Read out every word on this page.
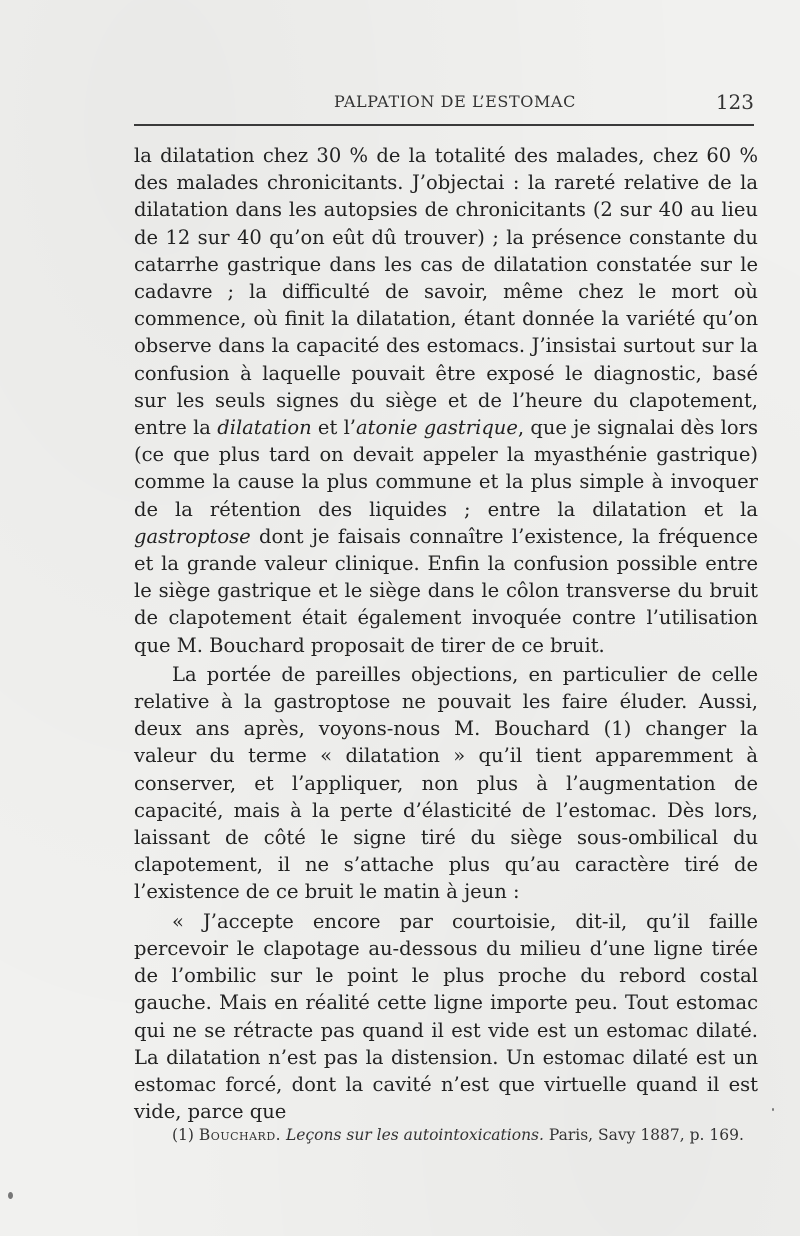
PALPATION DE L’ESTOMAC	123

la dilatation chez 30 % de la totalité des malades, chez 60 % des malades chronicitants. J’objectai : la rareté relative de la dilatation dans les autopsies de chronicitants (2 sur 40 au lieu de 12 sur 40 qu’on eût dû trouver) ; la présence constante du catarrhe gastrique dans les cas de dilatation constatée sur le cadavre ; la difficulté de savoir, même chez le mort où commence, où finit la dilatation, étant donnée la variété qu’on observe dans la capacité des estomacs. J’insistai surtout sur la confusion à laquelle pouvait être exposé le diagnostic, basé sur les seuls signes du siège et de l’heure du clapotement, entre la dilatation et l’atonie gastrique, que je signalai dès lors (ce que plus tard on devait appeler la myasthénie gastrique) comme la cause la plus commune et la plus simple à invoquer de la rétention des liquides ; entre la dilatation et la gastroptose dont je faisais connaître l’existence, la fréquence et la grande valeur clinique. Enfin la confusion possible entre le siège gastrique et le siège dans le côlon transverse du bruit de clapotement était également invoquée contre l’utilisation que M. Bouchard proposait de tirer de ce bruit.

La portée de pareilles objections, en particulier de celle relative à la gastroptose ne pouvait les faire éluder. Aussi, deux ans après, voyons-nous M. Bouchard (1) changer la valeur du terme « dilatation » qu’il tient apparemment à conserver, et l’appliquer, non plus à l’augmentation de capacité, mais à la perte d’élasticité de l’estomac. Dès lors, laissant de côté le signe tiré du siège sous-ombilical du clapotement, il ne s’attache plus qu’au caractère tiré de l’existence de ce bruit le matin à jeun :

« J’accepte encore par courtoisie, dit-il, qu’il faille percevoir le clapotage au-dessous du milieu d’une ligne tirée de l’ombilic sur le point le plus proche du rebord costal gauche. Mais en réalité cette ligne importe peu. Tout estomac qui ne se rétracte pas quand il est vide est un estomac dilaté. La dilatation n’est pas la distension. Un estomac dilaté est un estomac forcé, dont la cavité n’est que virtuelle quand il est vide, parce que

(1) Bouchard. Leçons sur les autointoxications. Paris, Savy 1887, p. 169.
